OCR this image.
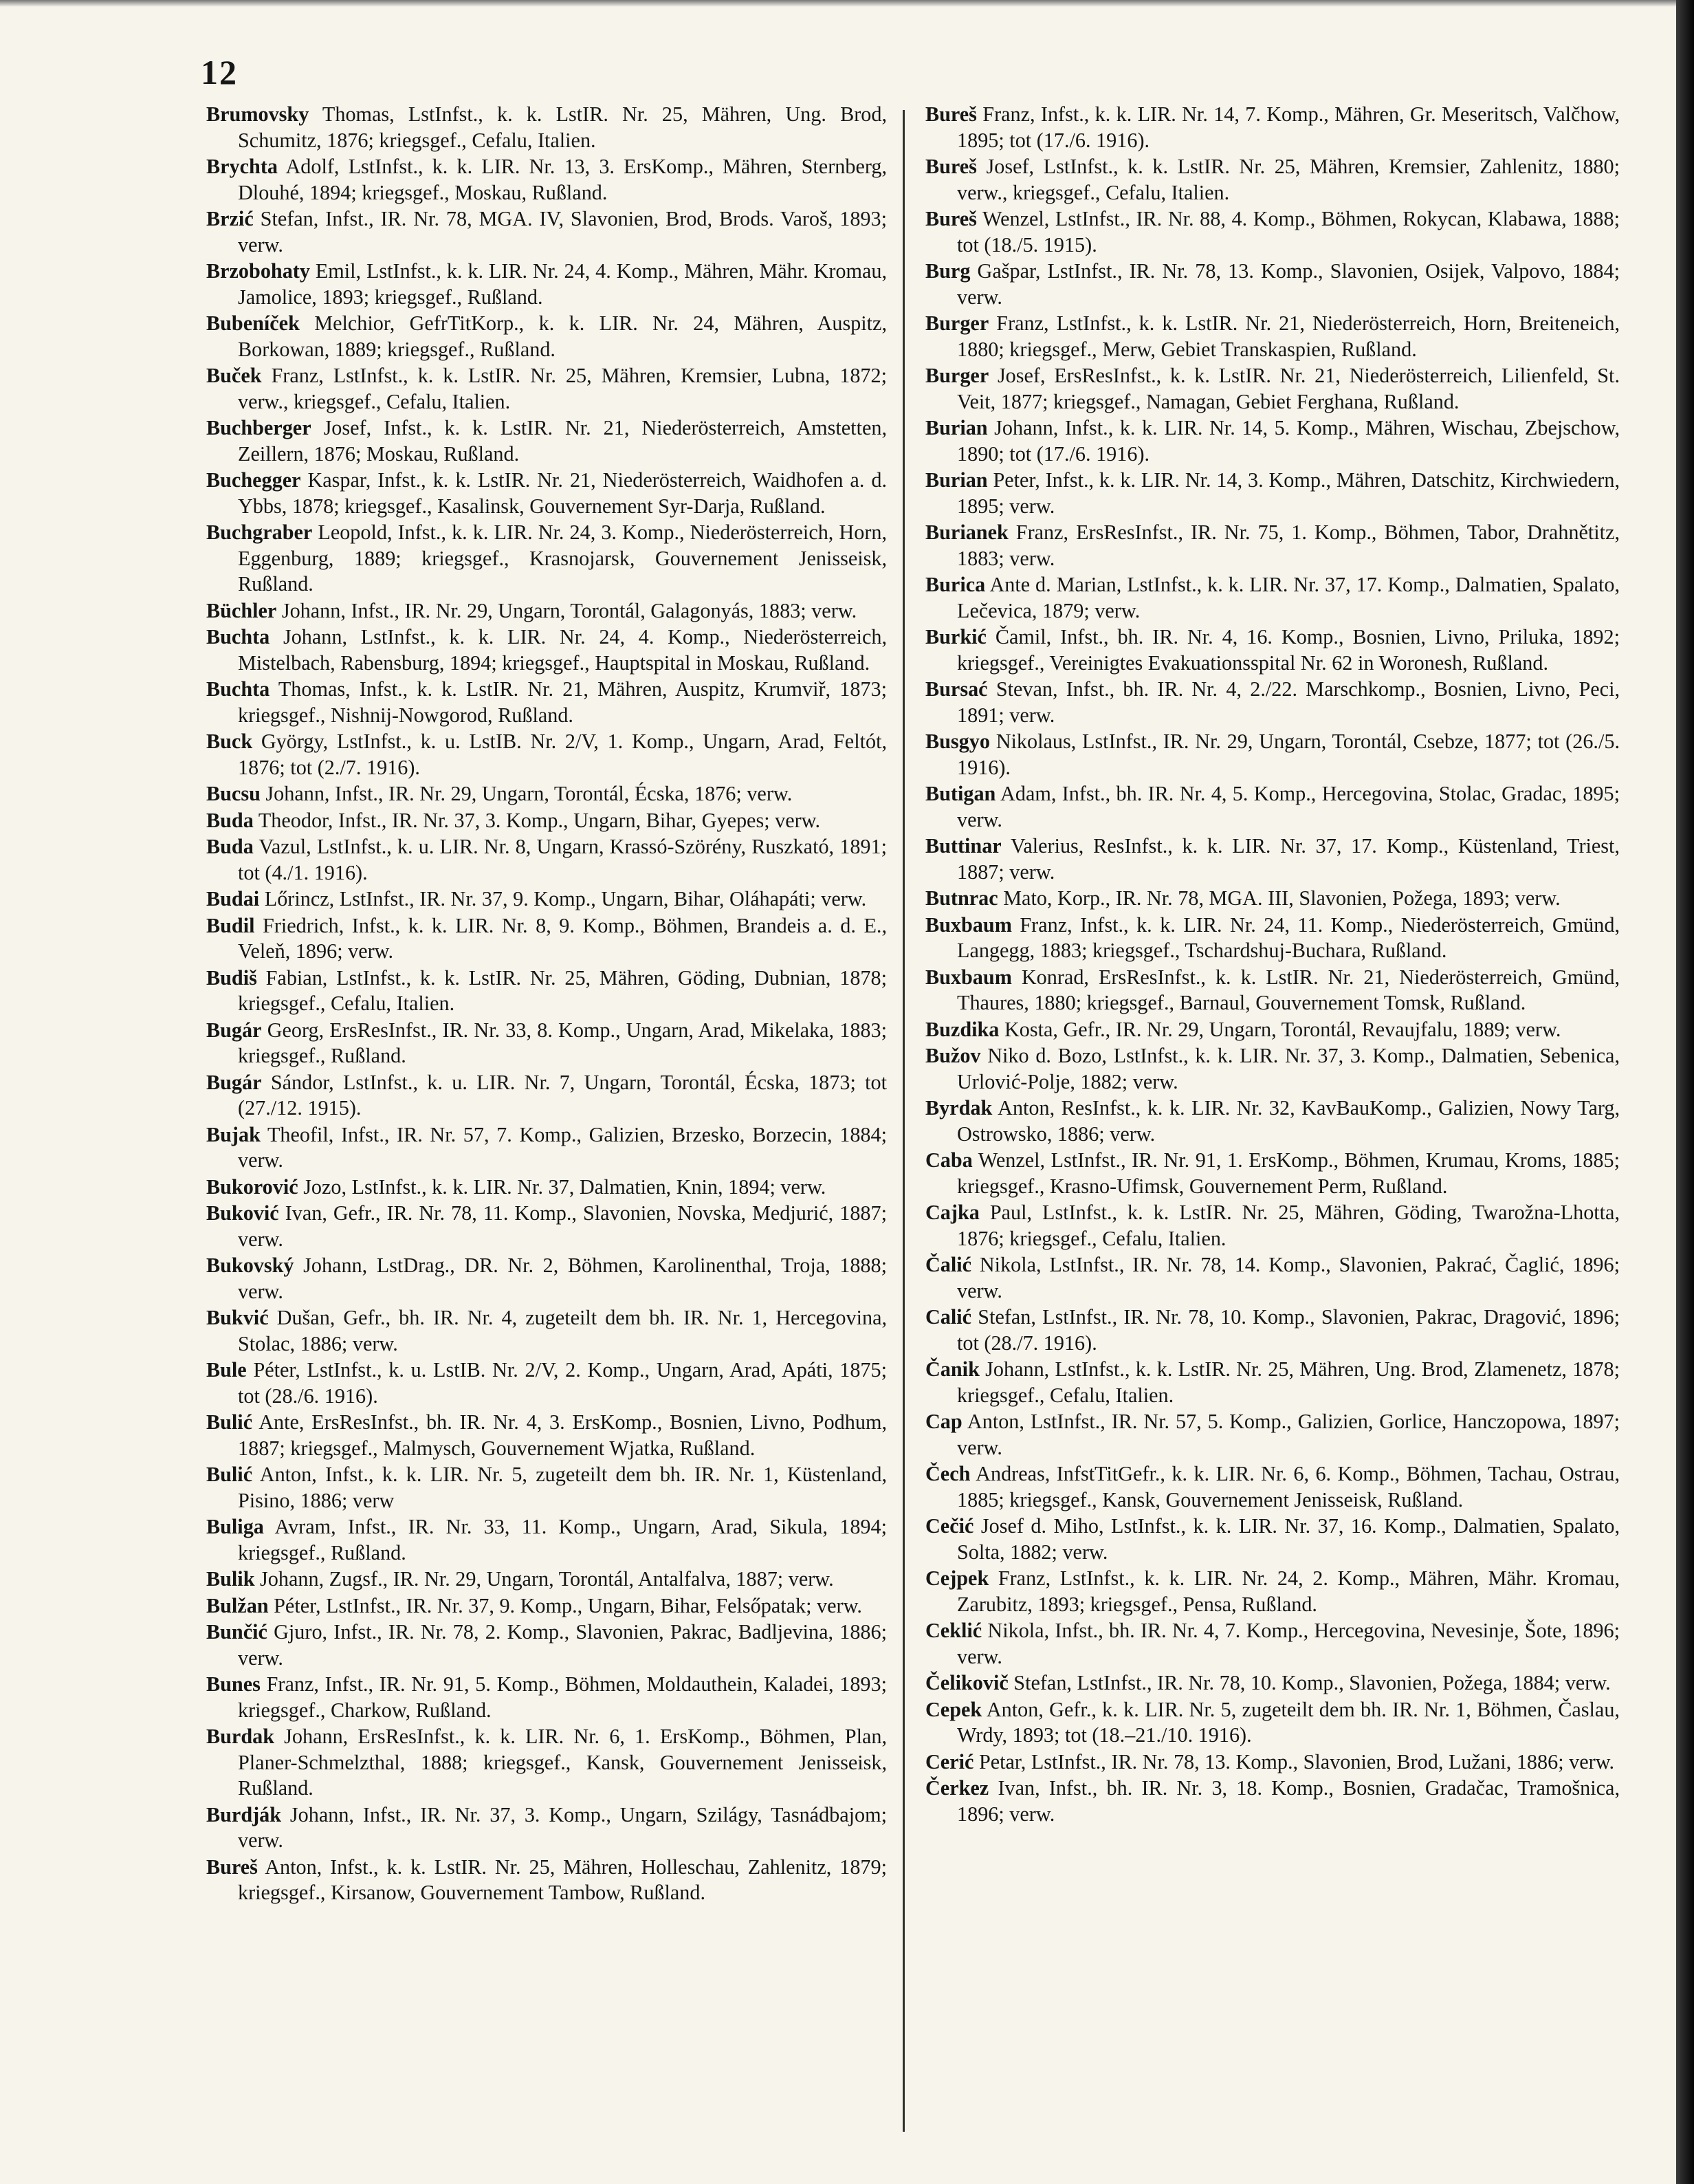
12

Brumovsky Thomas, LstInfst., k. k. LstIR. Nr. 25, Mähren, Ung. Brod, Schumitz, 1876; kriegsgef., Cefalu, Italien.

Brychta Adolf, LstInfst., k. k. LIR. Nr. 13, 3. ErsKomp., Mähren, Sternberg, Dlouhé, 1894; kriegsgef., Moskau, Rußland.

Brzić Stefan, Infst., IR. Nr. 78, MGA. IV, Slavonien, Brod, Brods. Varoš, 1893; verw.

Brzobohaty Emil, LstInfst., k. k. LIR. Nr. 24, 4. Komp., Mähren, Mähr. Kromau, Jamolice, 1893; kriegsgef., Rußland.

Bubeníček Melchior, GefrTitKorp., k. k. LIR. Nr. 24, Mähren, Auspitz, Borkowan, 1889; kriegsgef., Rußland.

Buček Franz, LstInfst., k. k. LstIR. Nr. 25, Mähren, Kremsier, Lubna, 1872; verw., kriegsgef., Cefalu, Italien.

Buchberger Josef, Infst., k. k. LstIR. Nr. 21, Niederösterreich, Amstetten, Zeillern, 1876; Moskau, Rußland.

Buchegger Kaspar, Infst., k. k. LstIR. Nr. 21, Niederösterreich, Waidhofen a. d. Ybbs, 1878; kriegsgef., Kasalinsk, Gouvernement Syr-Darja, Rußland.

Buchgraber Leopold, Infst., k. k. LIR. Nr. 24, 3. Komp., Niederösterreich, Horn, Eggenburg, 1889; kriegsgef., Krasnojarsk, Gouvernement Jenisseisk, Rußland.

Büchler Johann, Infst., IR. Nr. 29, Ungarn, Torontál, Galagonyás, 1883; verw.

Buchta Johann, LstInfst., k. k. LIR. Nr. 24, 4. Komp., Niederösterreich, Mistelbach, Rabensburg, 1894; kriegsgef., Hauptspital in Moskau, Rußland.

Buchta Thomas, Infst., k. k. LstIR. Nr. 21, Mähren, Auspitz, Krumviř, 1873; kriegsgef., Nishnij-Nowgorod, Rußland.

Buck György, LstInfst., k. u. LstIB. Nr. 2/V, 1. Komp., Ungarn, Arad, Feltót, 1876; tot (2./7. 1916).

Bucsu Johann, Infst., IR. Nr. 29, Ungarn, Torontál, Écska, 1876; verw.

Buda Theodor, Infst., IR. Nr. 37, 3. Komp., Ungarn, Bihar, Gyepes; verw.

Buda Vazul, LstInfst., k. u. LIR. Nr. 8, Ungarn, Krassó-Szörény, Ruszkató, 1891; tot (4./1. 1916).

Budai Lőrincz, LstInfst., IR. Nr. 37, 9. Komp., Ungarn, Bihar, Oláhapáti; verw.

Budil Friedrich, Infst., k. k. LIR. Nr. 8, 9. Komp., Böhmen, Brandeis a. d. E., Veleň, 1896; verw.

Budiš Fabian, LstInfst., k. k. LstIR. Nr. 25, Mähren, Göding, Dubnian, 1878; kriegsgef., Cefalu, Italien.

Bugár Georg, ErsResInfst., IR. Nr. 33, 8. Komp., Ungarn, Arad, Mikelaka, 1883; kriegsgef., Rußland.

Bugár Sándor, LstInfst., k. u. LIR. Nr. 7, Ungarn, Torontál, Écska, 1873; tot (27./12. 1915).

Bujak Theofil, Infst., IR. Nr. 57, 7. Komp., Galizien, Brzesko, Borzecin, 1884; verw.

Bukorović Jozo, LstInfst., k. k. LIR. Nr. 37, Dalmatien, Knin, 1894; verw.

Buković Ivan, Gefr., IR. Nr. 78, 11. Komp., Slavonien, Novska, Medjurić, 1887; verw.

Bukovský Johann, LstDrag., DR. Nr. 2, Böhmen, Karolinenthal, Troja, 1888; verw.

Bukvić Dušan, Gefr., bh. IR. Nr. 4, zugeteilt dem bh. IR. Nr. 1, Hercegovina, Stolac, 1886; verw.

Bule Péter, LstInfst., k. u. LstIB. Nr. 2/V, 2. Komp., Ungarn, Arad, Apáti, 1875; tot (28./6. 1916).

Bulić Ante, ErsResInfst., bh. IR. Nr. 4, 3. ErsKomp., Bosnien, Livno, Podhum, 1887; kriegsgef., Malmysch, Gouvernement Wjatka, Rußland.

Bulić Anton, Infst., k. k. LIR. Nr. 5, zugeteilt dem bh. IR. Nr. 1, Küstenland, Pisino, 1886; verw

Buliga Avram, Infst., IR. Nr. 33, 11. Komp., Ungarn, Arad, Sikula, 1894; kriegsgef., Rußland.

Bulik Johann, Zugsf., IR. Nr. 29, Ungarn, Torontál, Antalfalva, 1887; verw.

Bulžan Péter, LstInfst., IR. Nr. 37, 9. Komp., Ungarn, Bihar, Felsőpatak; verw.

Bunčić Gjuro, Infst., IR. Nr. 78, 2. Komp., Slavonien, Pakrac, Badljevina, 1886; verw.

Bunes Franz, Infst., IR. Nr. 91, 5. Komp., Böhmen, Moldauthein, Kaladei, 1893; kriegsgef., Charkow, Rußland.

Burdak Johann, ErsResInfst., k. k. LIR. Nr. 6, 1. ErsKomp., Böhmen, Plan, Planer-Schmelzthal, 1888; kriegsgef., Kansk, Gouvernement Jenisseisk, Rußland.

Burdják Johann, Infst., IR. Nr. 37, 3. Komp., Ungarn, Szilágy, Tasnádbajom; verw.

Bureš Anton, Infst., k. k. LstIR. Nr. 25, Mähren, Holleschau, Zahlenitz, 1879; kriegsgef., Kirsanow, Gouvernement Tambow, Rußland.

Bureš Franz, Infst., k. k. LIR. Nr. 14, 7. Komp., Mähren, Gr. Meseritsch, Valčhow, 1895; tot (17./6. 1916).

Bureš Josef, LstInfst., k. k. LstIR. Nr. 25, Mähren, Kremsier, Zahlenitz, 1880; verw., kriegsgef., Cefalu, Italien.

Bureš Wenzel, LstInfst., IR. Nr. 88, 4. Komp., Böhmen, Rokycan, Klabawa, 1888; tot (18./5. 1915).

Burg Gašpar, LstInfst., IR. Nr. 78, 13. Komp., Slavonien, Osijek, Valpovo, 1884; verw.

Burger Franz, LstInfst., k. k. LstIR. Nr. 21, Niederösterreich, Horn, Breiteneich, 1880; kriegsgef., Merw, Gebiet Transkaspien, Rußland.

Burger Josef, ErsResInfst., k. k. LstIR. Nr. 21, Niederösterreich, Lilienfeld, St. Veit, 1877; kriegsgef., Namagan, Gebiet Ferghana, Rußland.

Burian Johann, Infst., k. k. LIR. Nr. 14, 5. Komp., Mähren, Wischau, Zbejschow, 1890; tot (17./6. 1916).

Burian Peter, Infst., k. k. LIR. Nr. 14, 3. Komp., Mähren, Datschitz, Kirchwiedern, 1895; verw.

Burianek Franz, ErsResInfst., IR. Nr. 75, 1. Komp., Böhmen, Tabor, Drahnětitz, 1883; verw.

Burica Ante d. Marian, LstInfst., k. k. LIR. Nr. 37, 17. Komp., Dalmatien, Spalato, Lečevica, 1879; verw.

Burkić Čamil, Infst., bh. IR. Nr. 4, 16. Komp., Bosnien, Livno, Priluka, 1892; kriegsgef., Vereinigtes Evakuationsspital Nr. 62 in Woronesh, Rußland.

Bursać Stevan, Infst., bh. IR. Nr. 4, 2./22. Marschkomp., Bosnien, Livno, Peci, 1891; verw.

Busgyo Nikolaus, LstInfst., IR. Nr. 29, Ungarn, Torontál, Csebze, 1877; tot (26./5. 1916).

Butigan Adam, Infst., bh. IR. Nr. 4, 5. Komp., Hercegovina, Stolac, Gradac, 1895; verw.

Buttinar Valerius, ResInfst., k. k. LIR. Nr. 37, 17. Komp., Küstenland, Triest, 1887; verw.

Butnrac Mato, Korp., IR. Nr. 78, MGA. III, Slavonien, Požega, 1893; verw.

Buxbaum Franz, Infst., k. k. LIR. Nr. 24, 11. Komp., Niederösterreich, Gmünd, Langegg, 1883; kriegsgef., Tschardshuj-Buchara, Rußland.

Buxbaum Konrad, ErsResInfst., k. k. LstIR. Nr. 21, Niederösterreich, Gmünd, Thaures, 1880; kriegsgef., Barnaul, Gouvernement Tomsk, Rußland.

Buzdika Kosta, Gefr., IR. Nr. 29, Ungarn, Torontál, Revaujfalu, 1889; verw.

Bužov Niko d. Bozo, LstInfst., k. k. LIR. Nr. 37, 3. Komp., Dalmatien, Sebenica, Urlović-Polje, 1882; verw.

Byrdak Anton, ResInfst., k. k. LIR. Nr. 32, KavBauKomp., Galizien, Nowy Targ, Ostrowsko, 1886; verw.

Caba Wenzel, LstInfst., IR. Nr. 91, 1. ErsKomp., Böhmen, Krumau, Kroms, 1885; kriegsgef., Krasno-Ufimsk, Gouvernement Perm, Rußland.

Cajka Paul, LstInfst., k. k. LstIR. Nr. 25, Mähren, Göding, Twarožna-Lhotta, 1876; kriegsgef., Cefalu, Italien.

Čalić Nikola, LstInfst., IR. Nr. 78, 14. Komp., Slavonien, Pakrać, Čaglić, 1896; verw.

Calić Stefan, LstInfst., IR. Nr. 78, 10. Komp., Slavonien, Pakrac, Dragović, 1896; tot (28./7. 1916).

Čanik Johann, LstInfst., k. k. LstIR. Nr. 25, Mähren, Ung. Brod, Zlamenetz, 1878; kriegsgef., Cefalu, Italien.

Cap Anton, LstInfst., IR. Nr. 57, 5. Komp., Galizien, Gorlice, Hanczopowa, 1897; verw.

Čech Andreas, InfstTitGefr., k. k. LIR. Nr. 6, 6. Komp., Böhmen, Tachau, Ostrau, 1885; kriegsgef., Kansk, Gouvernement Jenisseisk, Rußland.

Cečić Josef d. Miho, LstInfst., k. k. LIR. Nr. 37, 16. Komp., Dalmatien, Spalato, Solta, 1882; verw.

Cejpek Franz, LstInfst., k. k. LIR. Nr. 24, 2. Komp., Mähren, Mähr. Kromau, Zarubitz, 1893; kriegsgef., Pensa, Rußland.

Ceklić Nikola, Infst., bh. IR. Nr. 4, 7. Komp., Hercegovina, Nevesinje, Šote, 1896; verw.

Čelikovič Stefan, LstInfst., IR. Nr. 78, 10. Komp., Slavonien, Požega, 1884; verw.

Cepek Anton, Gefr., k. k. LIR. Nr. 5, zugeteilt dem bh. IR. Nr. 1, Böhmen, Časlau, Wrdy, 1893; tot (18.–21./10. 1916).

Cerić Petar, LstInfst., IR. Nr. 78, 13. Komp., Slavonien, Brod, Lužani, 1886; verw.

Čerkez Ivan, Infst., bh. IR. Nr. 3, 18. Komp., Bosnien, Gradačac, Tramošnica, 1896; verw.
